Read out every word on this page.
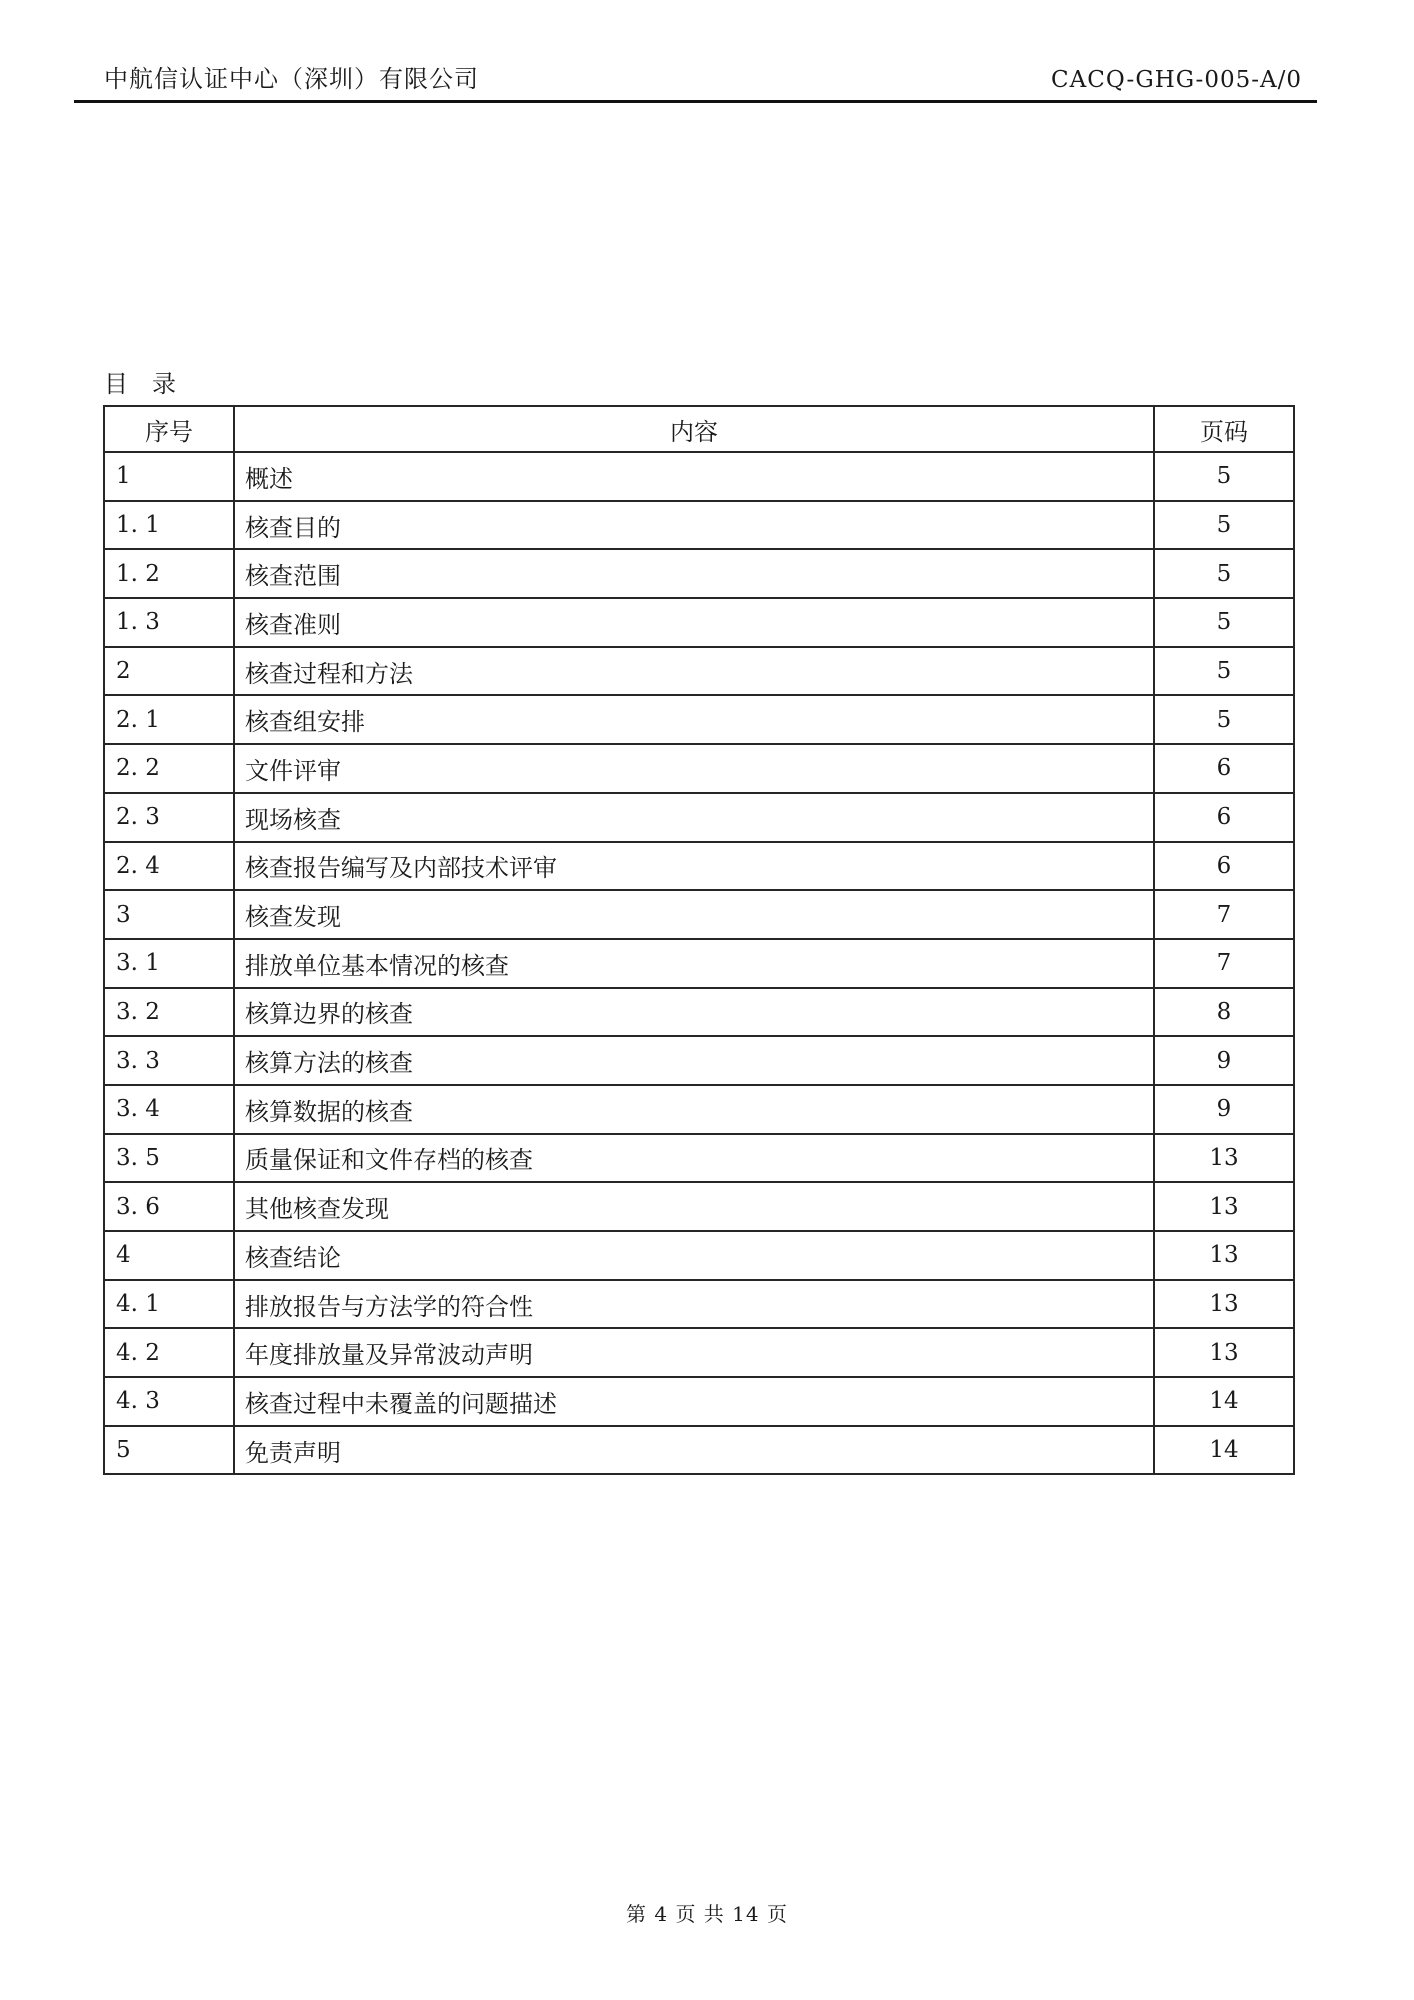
中航信认证中心（深圳）有限公司	CACQ-GHG-005-A/0
目　录
序号	内容	页码
1	概述	5
1. 1	核查目的	5
1. 2	核查范围	5
1. 3	核查准则	5
2	核查过程和方法	5
2. 1	核查组安排	5
2. 2	文件评审	6
2. 3	现场核查	6
2. 4	核查报告编写及内部技术评审	6
3	核查发现	7
3. 1	排放单位基本情况的核查	7
3. 2	核算边界的核查	8
3. 3	核算方法的核查	9
3. 4	核算数据的核查	9
3. 5	质量保证和文件存档的核查	13
3. 6	其他核查发现	13
4	核查结论	13
4. 1	排放报告与方法学的符合性	13
4. 2	年度排放量及异常波动声明	13
4. 3	核查过程中未覆盖的问题描述	14
5	免责声明	14
第 4 页 共 14 页
